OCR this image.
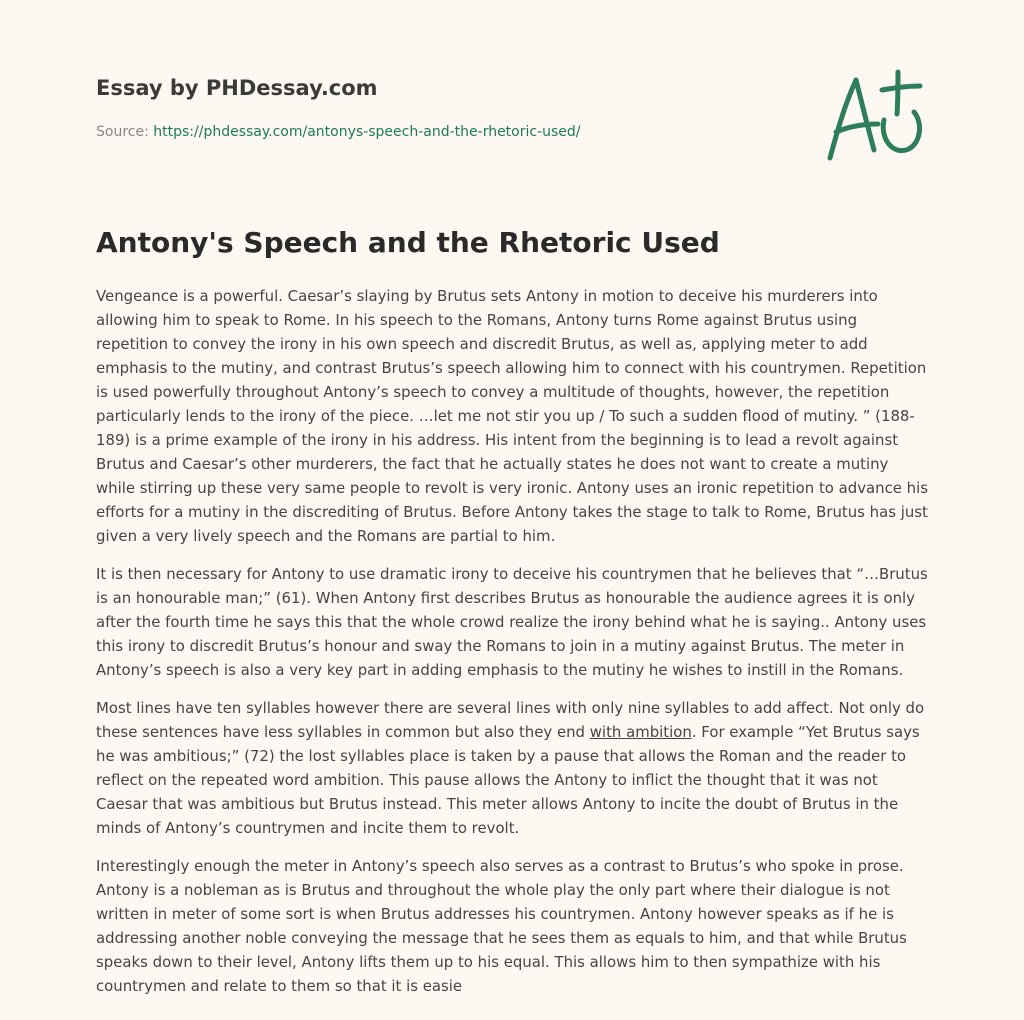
Essay by PHDessay.com
Source: https://phdessay.com/antonys-speech-and-the-rhetoric-used/
Antony's Speech and the Rhetoric Used

Vengeance is a powerful. Caesar’s slaying by Brutus sets Antony in motion to deceive his murderers into allowing him to speak to Rome. In his speech to the Romans, Antony turns Rome against Brutus using repetition to convey the irony in his own speech and discredit Brutus, as well as, applying meter to add emphasis to the mutiny, and contrast Brutus’s speech allowing him to connect with his countrymen. Repetition is used powerfully throughout Antony’s speech to convey a multitude of thoughts, however, the repetition particularly lends to the irony of the piece. …let me not stir you up / To such a sudden flood of mutiny. ” (188-189) is a prime example of the irony in his address. His intent from the beginning is to lead a revolt against Brutus and Caesar’s other murderers, the fact that he actually states he does not want to create a mutiny while stirring up these very same people to revolt is very ironic. Antony uses an ironic repetition to advance his efforts for a mutiny in the discrediting of Brutus. Before Antony takes the stage to talk to Rome, Brutus has just given a very lively speech and the Romans are partial to him.

It is then necessary for Antony to use dramatic irony to deceive his countrymen that he believes that “…Brutus is an honourable man;” (61). When Antony first describes Brutus as honourable the audience agrees it is only after the fourth time he says this that the whole crowd realize the irony behind what he is saying.. Antony uses this irony to discredit Brutus’s honour and sway the Romans to join in a mutiny against Brutus. The meter in Antony’s speech is also a very key part in adding emphasis to the mutiny he wishes to instill in the Romans.

Most lines have ten syllables however there are several lines with only nine syllables to add affect. Not only do these sentences have less syllables in common but also they end with ambition. For example “Yet Brutus says he was ambitious;” (72) the lost syllables place is taken by a pause that allows the Roman and the reader to reflect on the repeated word ambition. This pause allows the Antony to inflict the thought that it was not Caesar that was ambitious but Brutus instead. This meter allows Antony to incite the doubt of Brutus in the minds of Antony’s countrymen and incite them to revolt.

Interestingly enough the meter in Antony’s speech also serves as a contrast to Brutus’s who spoke in prose. Antony is a nobleman as is Brutus and throughout the whole play the only part where their dialogue is not written in meter of some sort is when Brutus addresses his countrymen. Antony however speaks as if he is addressing another noble conveying the message that he sees them as equals to him, and that while Brutus speaks down to their level, Antony lifts them up to his equal. This allows him to then sympathize with his countrymen and relate to them so that it is easie
